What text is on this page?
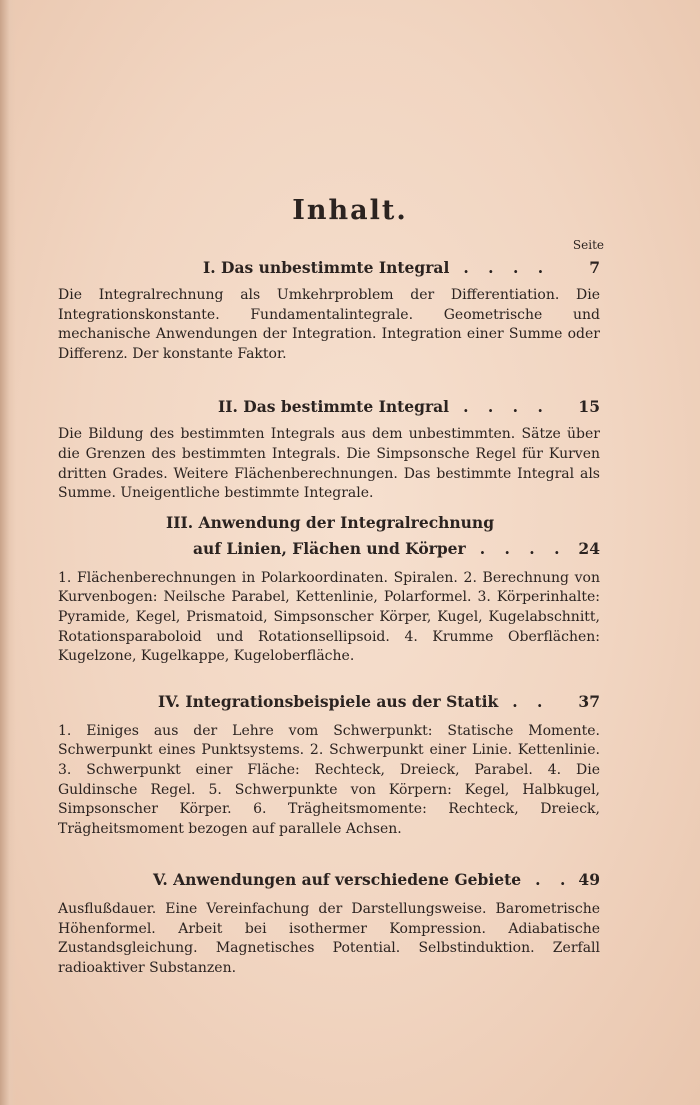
Inhalt.
Seite
I. Das unbestimmte Integral . . . .	7
Die Integralrechnung als Umkehrproblem der Differentiation. Die Integrationskonstante. Fundamentalintegrale. Geometrische und mechanische Anwendungen der Integration. Integration einer Summe oder Differenz. Der konstante Faktor.
II. Das bestimmte Integral . . . .	15
Die Bildung des bestimmten Integrals aus dem unbestimmten. Sätze über die Grenzen des bestimmten Integrals. Die Simpsonsche Regel für Kurven dritten Grades. Weitere Flächenberechnungen. Das bestimmte Integral als Summe. Uneigentliche bestimmte Integrale.
III. Anwendung der Integralrechnung
auf Linien, Flächen und Körper . . . . 24
1. Flächenberechnungen in Polarkoordinaten. Spiralen. 2. Berechnung von Kurvenbogen: Neilsche Parabel, Kettenlinie, Polarformel. 3. Körperinhalte: Pyramide, Kegel, Prismatoid, Simpsonscher Körper, Kugel, Kugelabschnitt, Rotationsparaboloid und Rotationsellipsoid. 4. Krumme Oberflächen: Kugelzone, Kugelkappe, Kugeloberfläche.
IV. Integrationsbeispiele aus der Statik . .	37
1. Einiges aus der Lehre vom Schwerpunkt: Statische Momente. Schwerpunkt eines Punktsystems. 2. Schwerpunkt einer Linie. Kettenlinie. 3. Schwerpunkt einer Fläche: Rechteck, Dreieck, Parabel. 4. Die Guldinsche Regel. 5. Schwerpunkte von Körpern: Kegel, Halbkugel, Simpsonscher Körper. 6. Trägheitsmomente: Rechteck, Dreieck, Trägheitsmoment bezogen auf parallele Achsen.
V. Anwendungen auf verschiedene Gebiete . . 49
Ausflußdauer. Eine Vereinfachung der Darstellungsweise. Barometrische Höhenformel. Arbeit bei isothermer Kompression. Adiabatische Zustandsgleichung. Magnetisches Potential. Selbstinduktion. Zerfall radioaktiver Substanzen.
